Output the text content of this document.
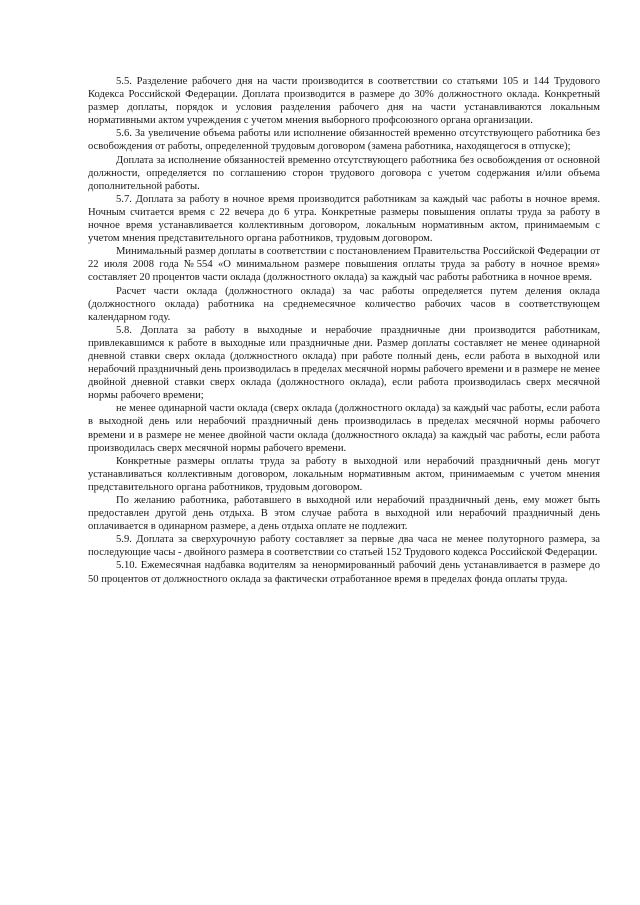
5.5. Разделение рабочего дня на части производится в соответствии со статьями 105 и 144 Трудового Кодекса Российской Федерации. Доплата производится в размере до 30% должностного оклада. Конкретный размер доплаты, порядок и условия разделения рабочего дня на части устанавливаются локальным нормативными актом учреждения с учетом мнения выборного профсоюзного органа организации.

5.6. За увеличение объема работы или исполнение обязанностей временно отсутствующего работника без освобождения от работы, определенной трудовым договором (замена работника, находящегося в отпуске);

Доплата за исполнение обязанностей временно отсутствующего работника без освобождения от основной должности, определяется по соглашению сторон трудового договора с учетом содержания и/или объема дополнительной работы.

5.7. Доплата за работу в ночное время производится работникам за каждый час работы в ночное время. Ночным считается время с 22 вечера до 6 утра. Конкретные размеры повышения оплаты труда за работу в ночное время устанавливается коллективным договором, локальным нормативным актом, принимаемым с учетом мнения представительного органа работников, трудовым договором.

Минимальный размер доплаты в соответствии с постановлением Правительства Российской Федерации от 22 июля 2008 года №554 «О минимальном размере повышения оплаты труда за работу в ночное время» составляет 20 процентов части оклада (должностного оклада) за каждый час работы работника в ночное время.

Расчет части оклада (должностного оклада) за час работы определяется путем деления оклада (должностного оклада) работника на среднемесячное количество рабочих часов в соответствующем календарном году.

5.8. Доплата за работу в выходные и нерабочие праздничные дни производится работникам, привлекавшимся к работе в выходные или праздничные дни. Размер доплаты составляет не менее одинарной дневной ставки сверх оклада (должностного оклада) при работе полный день, если работа в выходной или нерабочий праздничный день производилась в пределах месячной нормы рабочего времени и в размере не менее двойной дневной ставки сверх оклада (должностного оклада), если работа производилась сверх месячной нормы рабочего времени;

не менее одинарной части оклада (сверх оклада (должностного оклада) за каждый час работы, если работа в выходной день или нерабочий праздничный день производилась в пределах месячной нормы рабочего времени и в размере не менее двойной части оклада (должностного оклада) за каждый час работы, если работа производилась сверх месячной нормы рабочего времени.

Конкретные размеры оплаты труда за работу в выходной или нерабочий праздничный день могут устанавливаться коллективным договором, локальным нормативным актом, принимаемым с учетом мнения представительного органа работников, трудовым договором.

По желанию работника, работавшего в выходной или нерабочий праздничный день, ему может быть предоставлен другой день отдыха. В этом случае работа в выходной или нерабочий праздничный день оплачивается в одинарном размере, а день отдыха оплате не подлежит.

5.9. Доплата за сверхурочную работу составляет за первые два часа не менее полуторного размера, за последующие часы - двойного размера в соответствии со статьей 152 Трудового кодекса Российской Федерации.

5.10. Ежемесячная надбавка водителям за ненормированный рабочий день устанавливается в размере до 50 процентов от должностного оклада за фактически отработанное время в пределах фонда оплаты труда.
